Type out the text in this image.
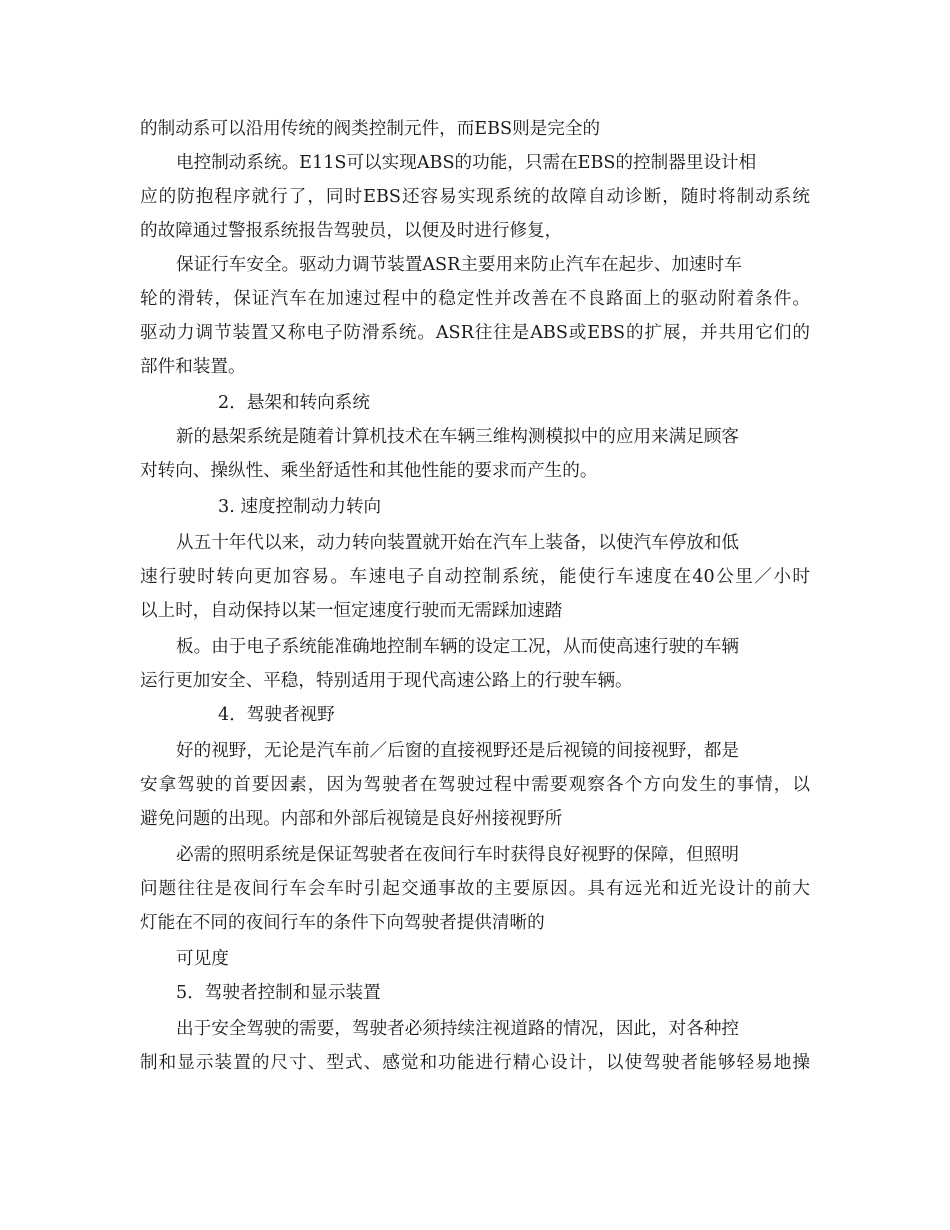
的制动系可以沿用传统的阀类控制元件，而EBS则是完全的

电控制动系统。E11S可以实现ABS的功能，只需在EBS的控制器里设计相

应的防抱程序就行了，同时EBS还容易实现系统的故障自动诊断，随时将制动系统

的故障通过警报系统报告驾驶员，以便及时进行修复，

保证行车安全。驱动力调节装置ASR主要用来防止汽车在起步、加速时车

轮的滑转，保证汽车在加速过程中的稳定性并改善在不良路面上的驱动附着条件。

驱动力调节装置又称电子防滑系统。ASR往往是ABS或EBS的扩展，并共用它们的

部件和装置。

2．悬架和转向系统

新的悬架系统是随着计算机技术在车辆三维构测模拟中的应用来满足顾客

对转向、操纵性、乘坐舒适性和其他性能的要求而产生的。

3. 速度控制动力转向

从五十年代以来，动力转向装置就开始在汽车上装备，以使汽车停放和低

速行驶时转向更加容易。车速电子自动控制系统，能使行车速度在40公里／小时

以上时，自动保持以某一恒定速度行驶而无需踩加速踏

板。由于电子系统能准确地控制车辆的设定工况，从而使高速行驶的车辆

运行更加安全、平稳，特别适用于现代高速公路上的行驶车辆。

4．驾驶者视野

好的视野，无论是汽车前／后窗的直接视野还是后视镜的间接视野，都是

安拿驾驶的首要因素，因为驾驶者在驾驶过程中需要观察各个方向发生的事情，以

避免问题的出现。内部和外部后视镜是良好州接视野所

必需的照明系统是保证驾驶者在夜间行车时获得良好视野的保障，但照明

问题往往是夜间行车会车时引起交通事故的主要原因。具有远光和近光设计的前大

灯能在不同的夜间行车的条件下向驾驶者提供清晰的

可见度

5．驾驶者控制和显示装置

出于安全驾驶的需要，驾驶者必须持续注视道路的情况，因此，对各种控

制和显示装置的尺寸、型式、感觉和功能进行精心设计，以使驾驶者能够轻易地操
